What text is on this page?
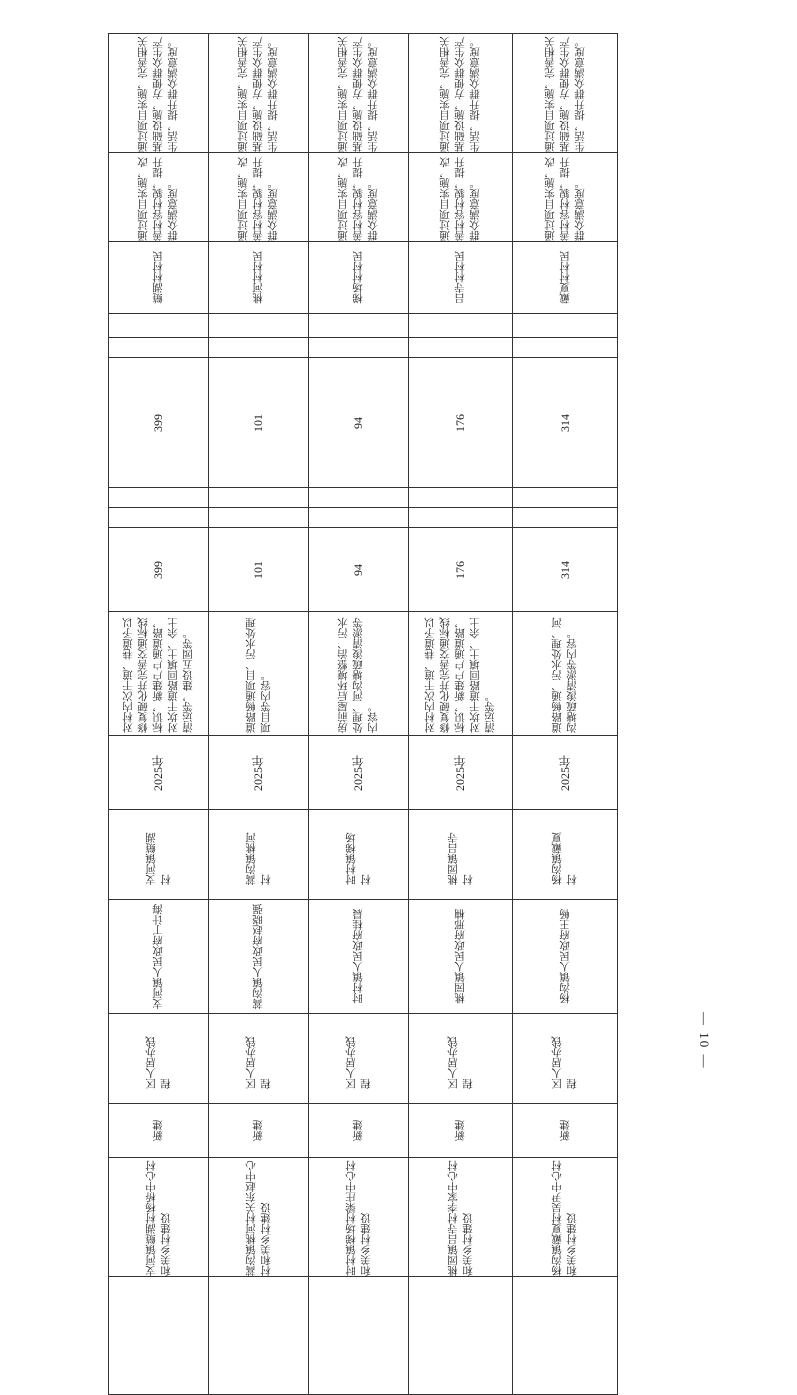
— 10 —
通过项目实施，完善相关基础设施，方便群众生产生活，提升群众满意度。	通过项目实施，完善相关基础设施，方便群众生产生活，提升群众满意度。	通过项目实施，完善相关基础设施，方便群众生产生活，提升群众满意度。	通过项目实施，完善相关基础设施，方便群众生产生活，提升群众满意度。	通过项目实施，完善相关基础设施，方便群众生产生活，提升群众满意度。

通过项目实施，改善村容村貌，提升群众满意度。	通过项目实施，改善村容村貌，提升群众满意度。	通过项目实施，改善村容村貌，提升群众满意度。	通过项目实施，改善村容村貌，提升群众满意度。	通过项目实施，改善村容村貌，提升群众满意度。

鲢湖村村民	桃河村村民	梯场村村民	吕寺村村民	戴夏村村民

399	101	94	176	314

399	101	94	176	314

对村内次干道、巷道予以修复硬化并完善交通标线标识，新建户户通道路，对坎干道路回填土、余土清运等，建设五园等。	道路畅通项目、污水处理项目等内容。	房前屋后环境整治、污水处理、河沟塘疏浚清淤等内容。	对村内次干道、巷道予以修复硬化并完善交通标线标识，新建户户通道路，对坎干道路回填土、余土清运等。	道路畅通、污水处理、河沟塘疏浚清淤等内容。

2025年	2025年	2025年	2025年	2025年

支河镇鲢湖村	蒿沟镇桃河村	时村镇梯场村	桃园镇吕寺村	杨沟镇戴夏村

支河镇人民政府丁计海	蒿沟镇人民政府赵晓强	时村镇人民政府桂晨	桃园镇人民政府邢楠	杨沟镇人民政府王畅

区人居办钱程	区人居办钱程	区人居办钱程	区人居办钱程	区人居办钱程

新建	新建	新建	新建	新建

支河镇鲢湖村杨桥中心村和美乡村建设	蒿沟镇桃河村关东赵中心村和美乡村建设	时村镇梯场村梁庄中心村和美乡村建设	桃园镇吕寺村李家中心村和美乡村建设	杨沟镇戴夏村吴尹中心村和美乡村建设
